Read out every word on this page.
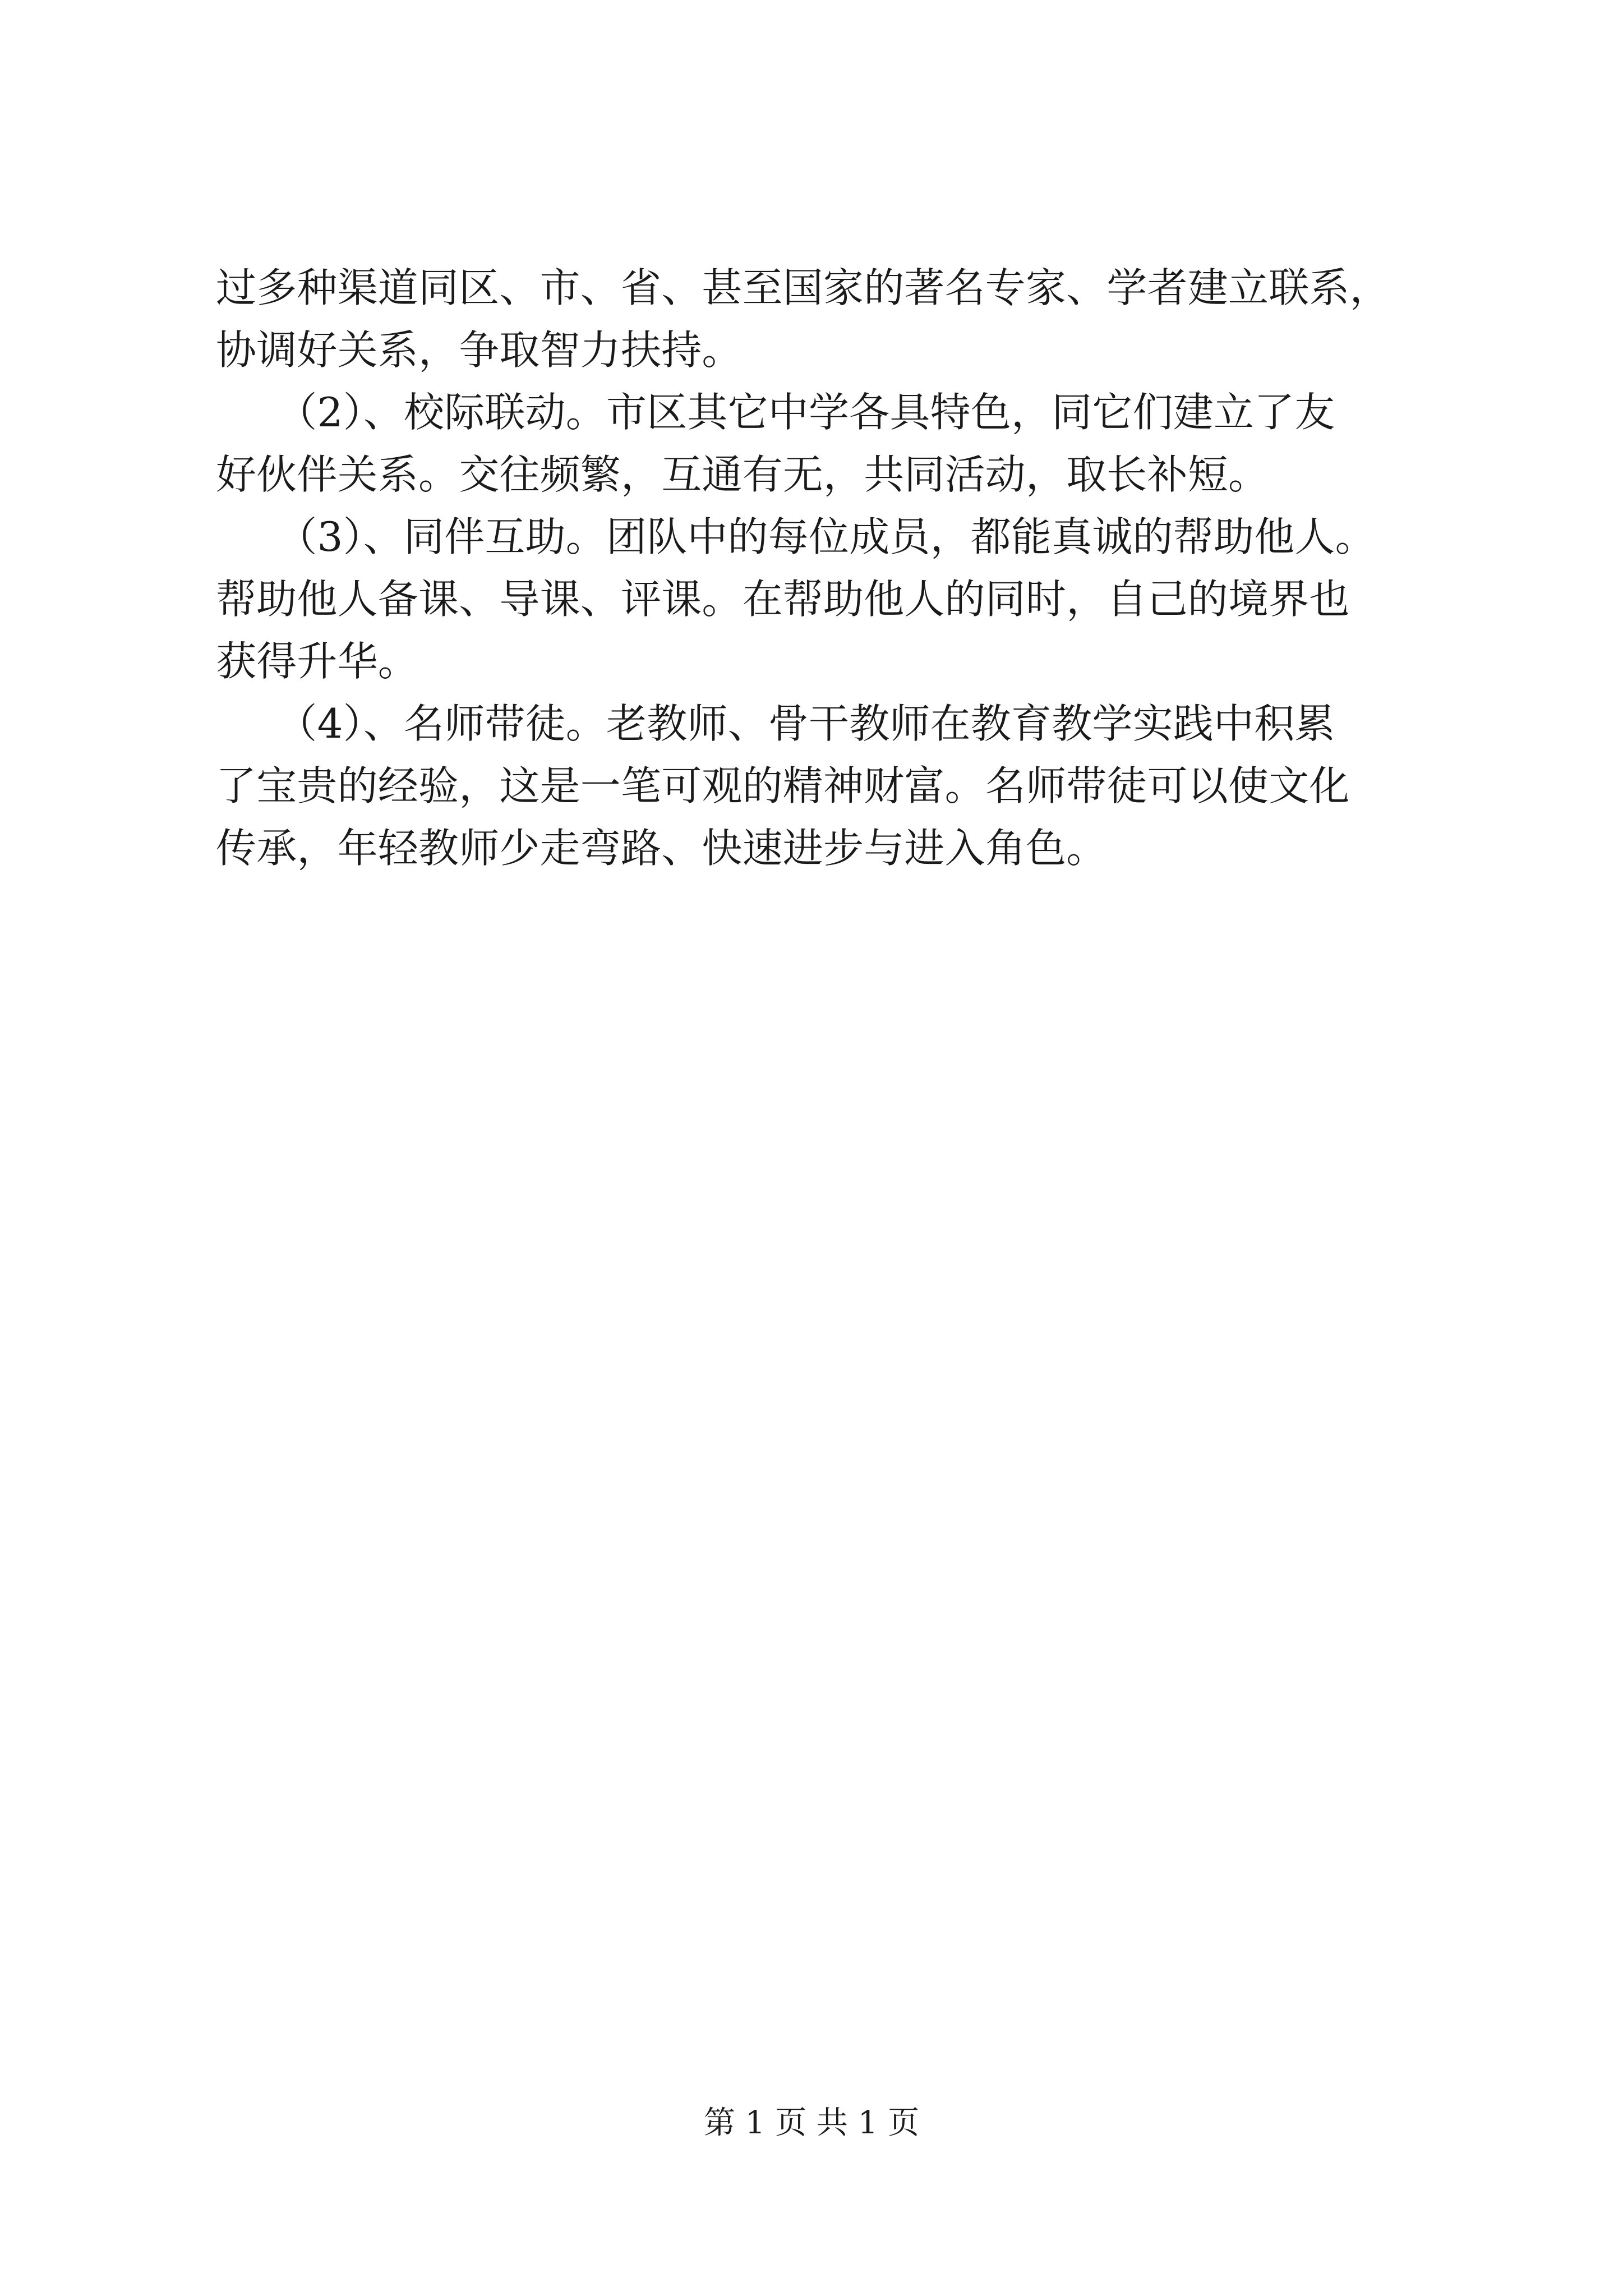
过多种渠道同区、市、省、甚至国家的著名专家、学者建立联系，
协调好关系，争取智力扶持。
　　（2）、校际联动。市区其它中学各具特色，同它们建立了友
好伙伴关系。交往频繁，互通有无，共同活动，取长补短。
　　（3）、同伴互助。团队中的每位成员，都能真诚的帮助他人。
帮助他人备课、导课、评课。在帮助他人的同时，自己的境界也
获得升华。
　　（4）、名师带徒。老教师、骨干教师在教育教学实践中积累
了宝贵的经验，这是一笔可观的精神财富。名师带徒可以使文化
传承，年轻教师少走弯路、快速进步与进入角色。
第 1 页 共 1 页
